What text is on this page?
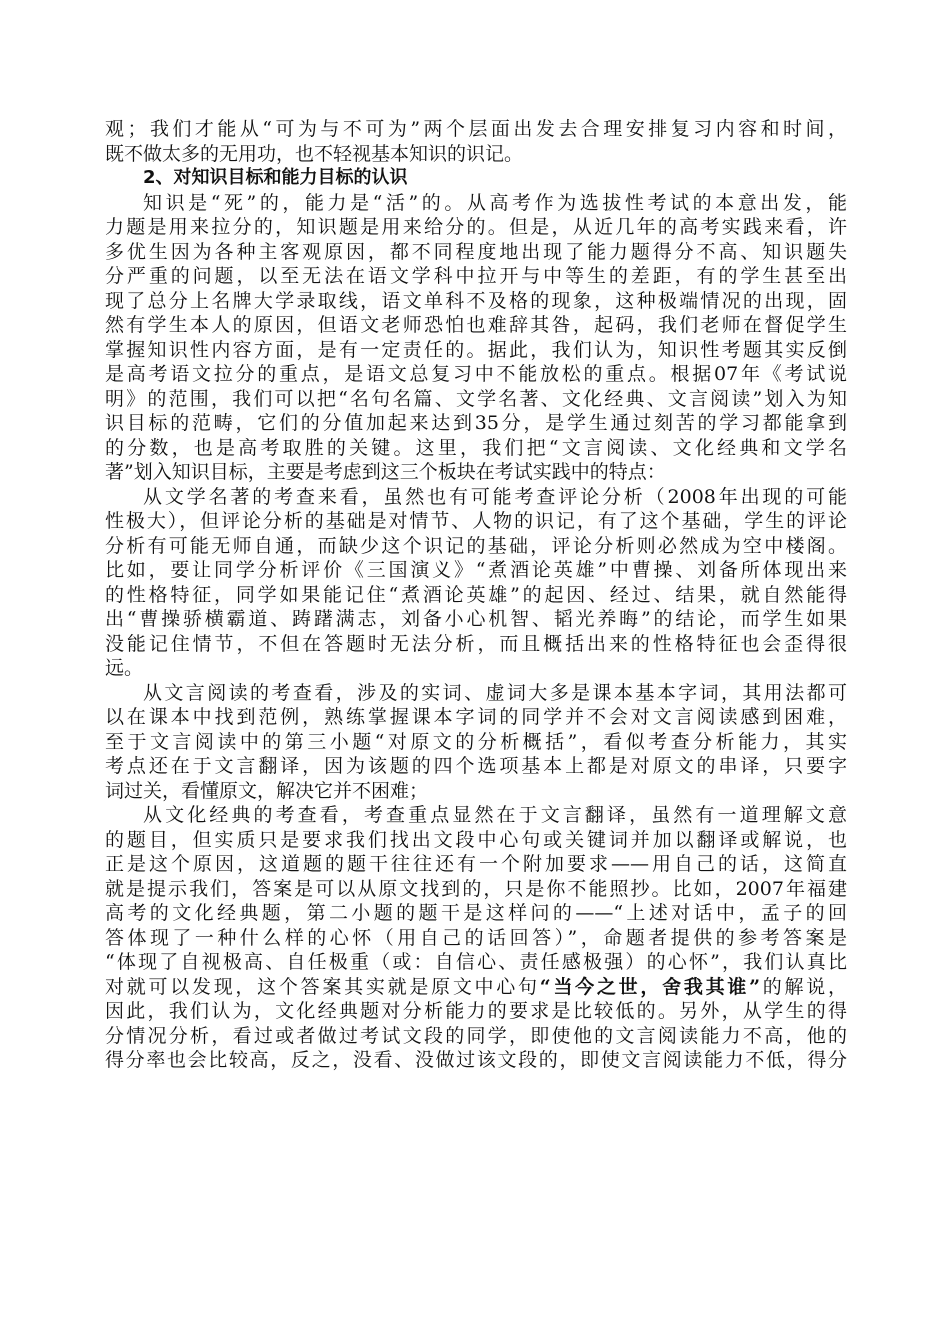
观；我们才能从“可为与不可为”两个层面出发去合理安排复习内容和时间，
既不做太多的无用功，也不轻视基本知识的识记。
2、对知识目标和能力目标的认识
知识是“死”的，能力是“活”的。从高考作为选拔性考试的本意出发，能
力题是用来拉分的，知识题是用来给分的。但是，从近几年的高考实践来看，许
多优生因为各种主客观原因，都不同程度地出现了能力题得分不高、知识题失
分严重的问题，以至无法在语文学科中拉开与中等生的差距，有的学生甚至出
现了总分上名牌大学录取线，语文单科不及格的现象，这种极端情况的出现，固
然有学生本人的原因，但语文老师恐怕也难辞其咎，起码，我们老师在督促学生
掌握知识性内容方面，是有一定责任的。据此，我们认为，知识性考题其实反倒
是高考语文拉分的重点，是语文总复习中不能放松的重点。根据07年《考试说
明》的范围，我们可以把“名句名篇、文学名著、文化经典、文言阅读”划入为知
识目标的范畴，它们的分值加起来达到35分，是学生通过刻苦的学习都能拿到
的分数，也是高考取胜的关键。这里，我们把“文言阅读、文化经典和文学名
著”划入知识目标，主要是考虑到这三个板块在考试实践中的特点：
从文学名著的考查来看，虽然也有可能考查评论分析（2008年出现的可能
性极大），但评论分析的基础是对情节、人物的识记，有了这个基础，学生的评论
分析有可能无师自通，而缺少这个识记的基础，评论分析则必然成为空中楼阁。
比如，要让同学分析评价《三国演义》“煮酒论英雄”中曹操、刘备所体现出来
的性格特征，同学如果能记住“煮酒论英雄”的起因、经过、结果，就自然能得
出“曹操骄横霸道、踌躇满志，刘备小心机智、韬光养晦”的结论，而学生如果
没能记住情节，不但在答题时无法分析，而且概括出来的性格特征也会歪得很
远。
从文言阅读的考查看，涉及的实词、虚词大多是课本基本字词，其用法都可
以在课本中找到范例，熟练掌握课本字词的同学并不会对文言阅读感到困难，
至于文言阅读中的第三小题“对原文的分析概括”，看似考查分析能力，其实
考点还在于文言翻译，因为该题的四个选项基本上都是对原文的串译，只要字
词过关，看懂原文，解决它并不困难；
从文化经典的考查看，考查重点显然在于文言翻译，虽然有一道理解文意
的题目，但实质只是要求我们找出文段中心句或关键词并加以翻译或解说，也
正是这个原因，这道题的题干往往还有一个附加要求——用自己的话，这简直
就是提示我们，答案是可以从原文找到的，只是你不能照抄。比如，2007年福建
高考的文化经典题，第二小题的题干是这样问的——“上述对话中，孟子的回
答体现了一种什么样的心怀（用自己的话回答）”，命题者提供的参考答案是
“体现了自视极高、自任极重（或：自信心、责任感极强）的心怀”，我们认真比
对就可以发现，这个答案其实就是原文中心句“当今之世，舍我其谁”的解说，
因此，我们认为，文化经典题对分析能力的要求是比较低的。另外，从学生的得
分情况分析，看过或者做过考试文段的同学，即使他的文言阅读能力不高，他的
得分率也会比较高，反之，没看、没做过该文段的，即使文言阅读能力不低，得分
